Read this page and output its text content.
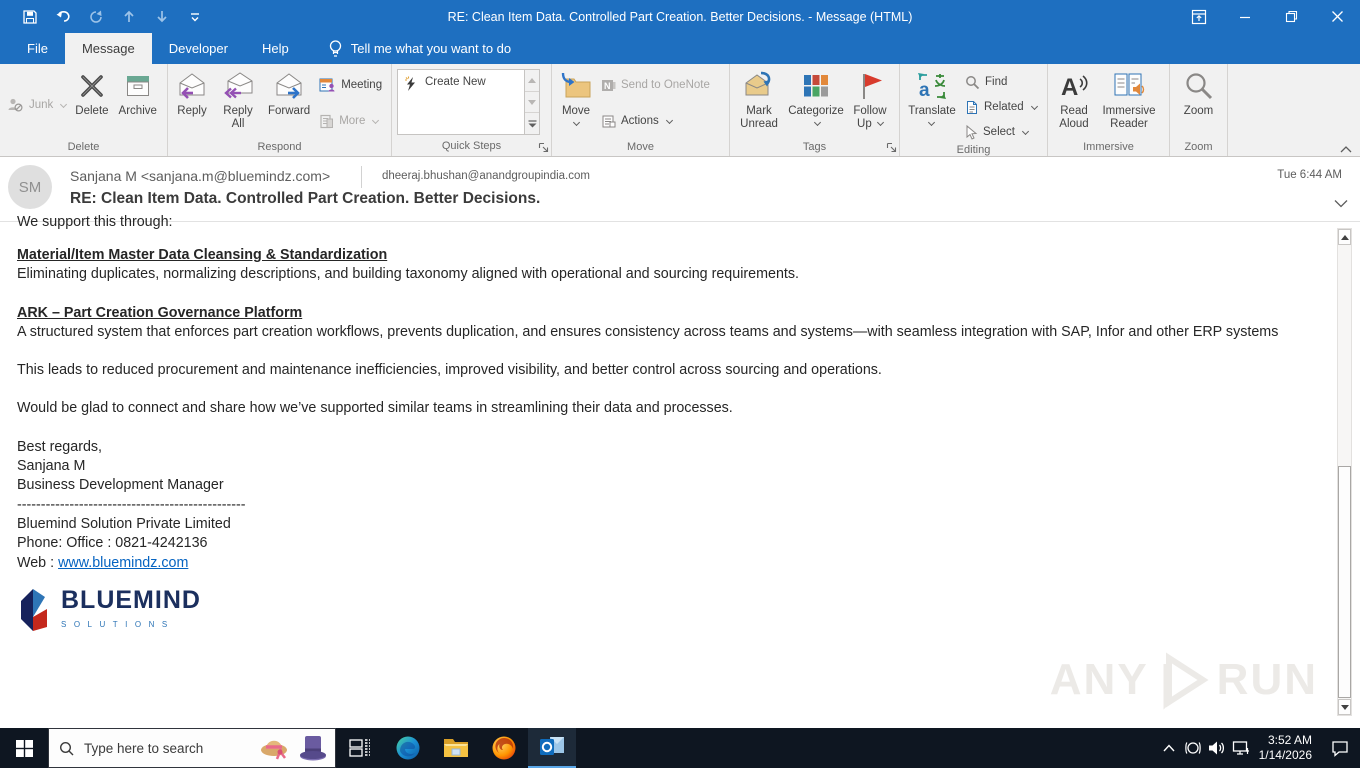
RE: Clean Item Data. Controlled Part Creation. Better Decisions. - Message (HTML)
File	Message	Developer	Help	Tell me what you want to do
Junk Delete Archive
Delete
Reply	Reply All
Forward
Meeting
More
Respond
Create New
Quick Steps
Move

N Send to OneNote
Actions
Move
Mark Unread
Categorize Follow Up
Tags
a
Translate

Find
Related
Select
Editing
A
Read Aloud
Immersive Reader
Immersive
Zoom
Zoom
SM
Sanjana M <sanjana.m@bluemindz.com>	dheeraj.bhushan@anandgroupindia.com	Tue 6:44 AM
RE: Clean Item Data. Controlled Part Creation. Better Decisions.
We support this through:
Material/Item Master Data Cleansing & Standardization
Eliminating duplicates, normalizing descriptions, and building taxonomy aligned with operational and sourcing requirements.
ARK – Part Creation Governance Platform
A structured system that enforces part creation workflows, prevents duplication, and ensures consistency across teams and systems—with seamless integration with SAP, Infor and other ERP systems
This leads to reduced procurement and maintenance inefficiencies, improved visibility, and better control across sourcing and operations.
Would be glad to connect and share how we’ve supported similar teams in streamlining their data and processes.
Best regards,
Sanjana M
Business Development Manager
------------------------------------------------
Bluemind Solution Private Limited
Phone: Office : 0821-4242136
Web : www.bluemindz.com
BLUEMIND
SOLUTIONS
ANY RUN
Type here to search
3:52 AM
1/14/2026
